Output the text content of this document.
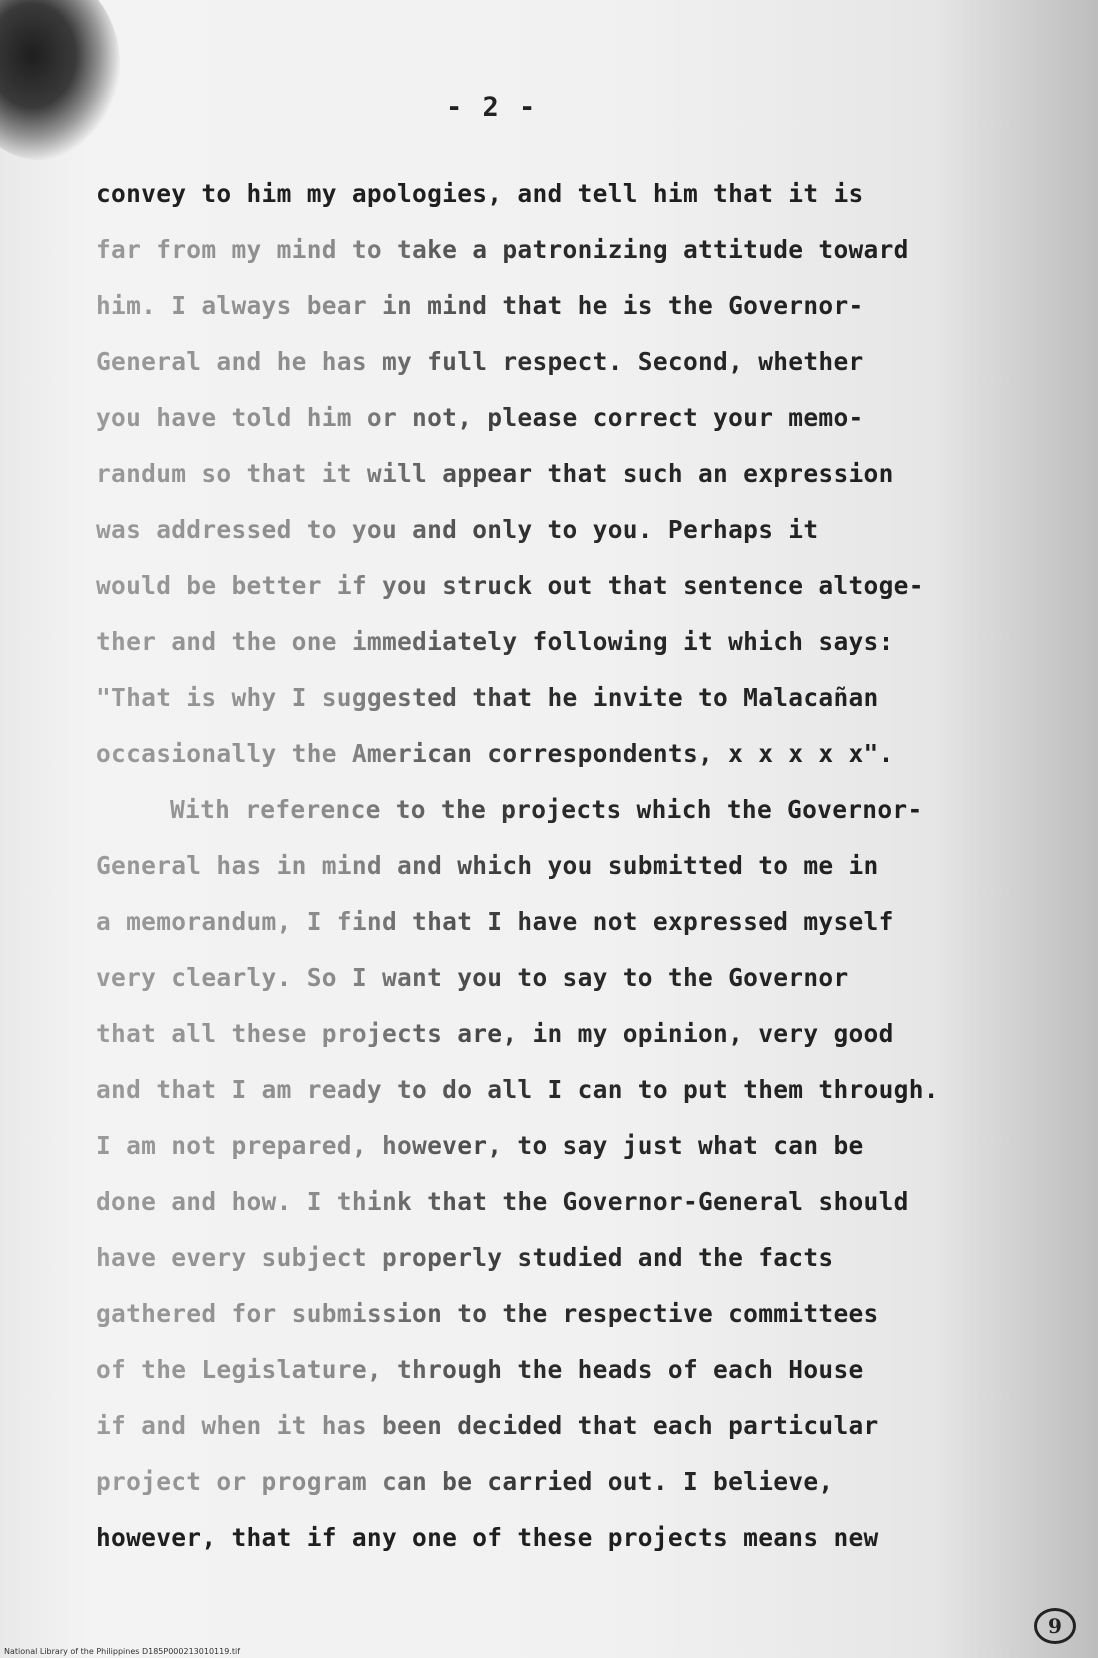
- 2 -
convey to him my apologies, and tell him that it is
far from my mind to take a patronizing attitude toward
him. I always bear in mind that he is the Governor-
General and he has my full respect. Second, whether
you have told him or not, please correct your memo-
randum so that it will appear that such an expression
was addressed to you and only to you. Perhaps it
would be better if you struck out that sentence altoge-
ther and the one immediately following it which says:
"That is why I suggested that he invite to Malacañan
occasionally the American correspondents, x x x x x".
With reference to the projects which the Governor-
General has in mind and which you submitted to me in
a memorandum, I find that I have not expressed myself
very clearly. So I want you to say to the Governor
that all these projects are, in my opinion, very good
and that I am ready to do all I can to put them through.
I am not prepared, however, to say just what can be
done and how. I think that the Governor-General should
have every subject properly studied and the facts
gathered for submission to the respective committees
of the Legislature, through the heads of each House
if and when it has been decided that each particular
project or program can be carried out. I believe,
however, that if any one of these projects means new
9
National Library of the Philippines D185P000213010119.tif
